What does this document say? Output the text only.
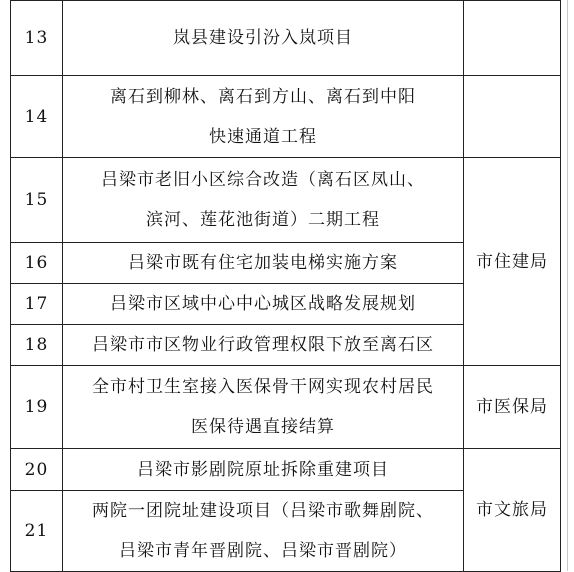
13	岚县建设引汾入岚项目	

14	离石到柳林、离石到方山、离石到中阳
快速通道工程	

15	吕梁市老旧小区综合改造（离石区凤山、
滨河、莲花池街道）二期工程	市住建局
16	吕梁市既有住宅加装电梯实施方案	

17	吕梁市区域中心中心城区战略发展规划	

18	吕梁市市区物业行政管理权限下放至离石区	

19	全市村卫生室接入医保骨干网实现农村居民
医保待遇直接结算	市医保局
20	吕梁市影剧院原址拆除重建项目	市文旅局
21	两院一团院址建设项目（吕梁市歌舞剧院、
吕梁市青年晋剧院、吕梁市晋剧院）	
